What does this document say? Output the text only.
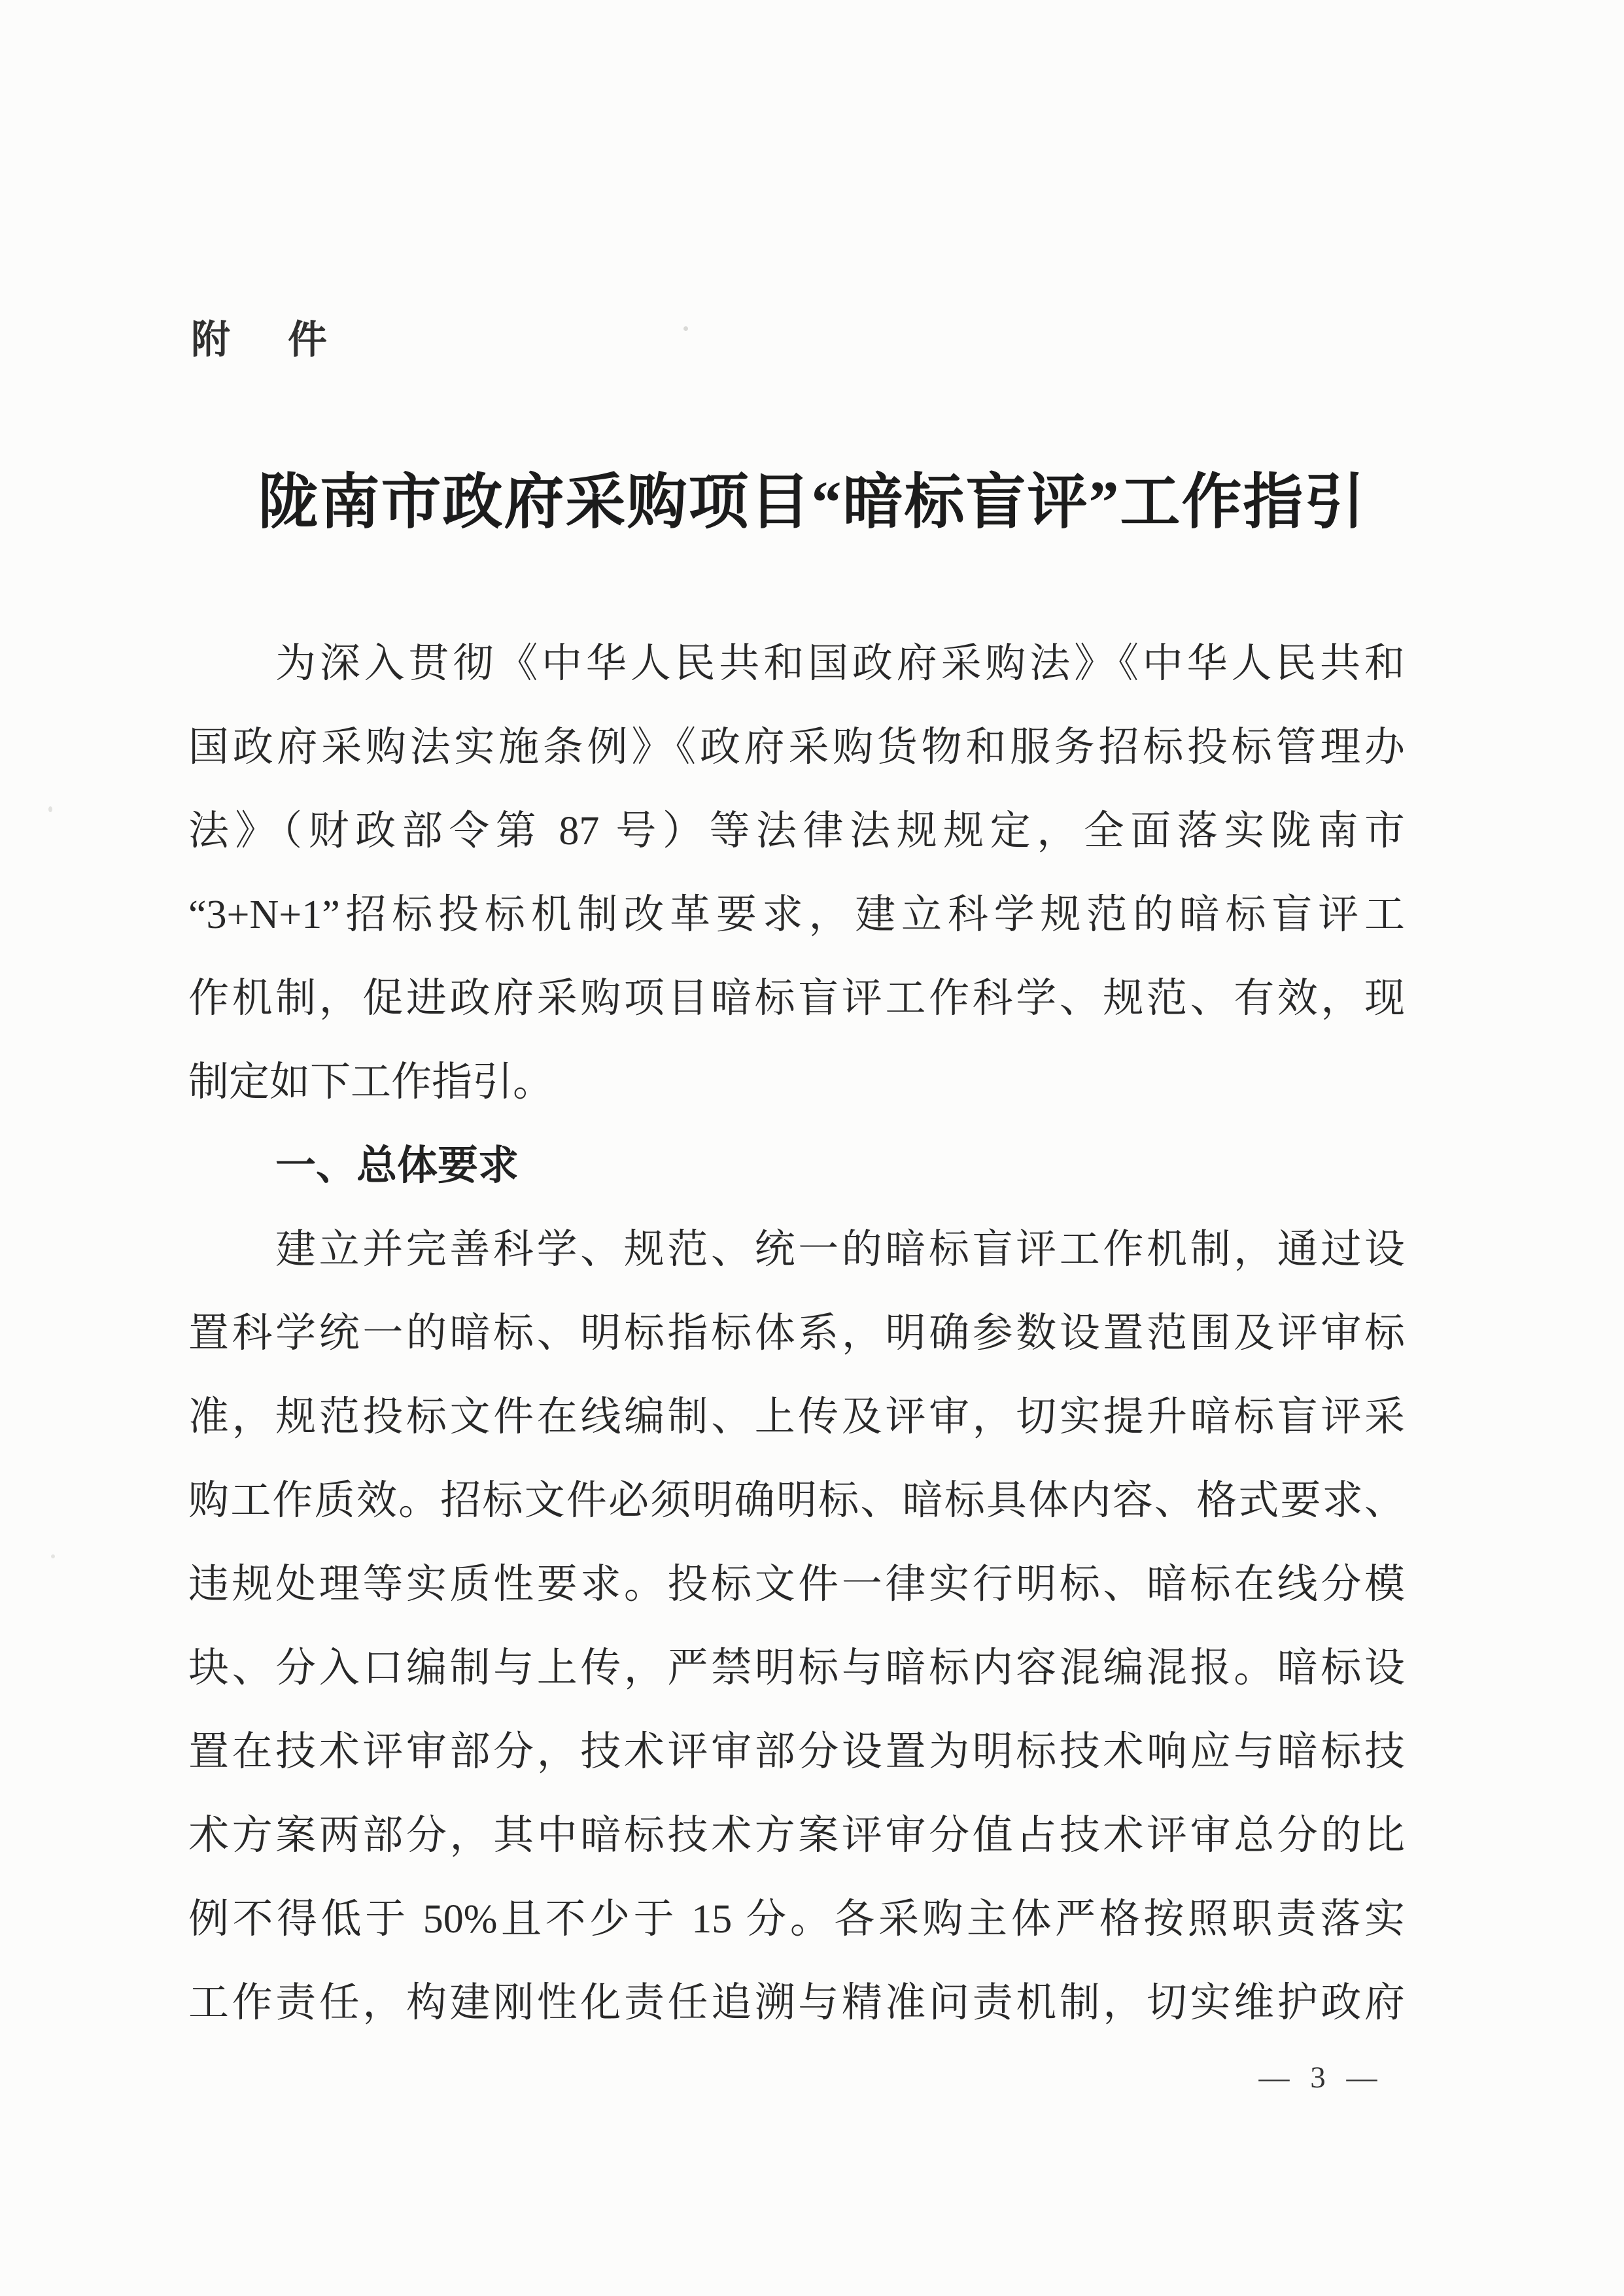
附　件
陇南市政府采购项目“暗标盲评”工作指引
为深入贯彻《中华人民共和国政府采购法》《中华人民共和
国政府采购法实施条例》《政府采购货物和服务招标投标管理办
法》（财政部令第 87 号）等法律法规规定，全面落实陇南市
“3+N+1”招标投标机制改革要求，建立科学规范的暗标盲评工
作机制，促进政府采购项目暗标盲评工作科学、规范、有效，现
制定如下工作指引。
一、总体要求
建立并完善科学、规范、统一的暗标盲评工作机制，通过设
置科学统一的暗标、明标指标体系，明确参数设置范围及评审标
准，规范投标文件在线编制、上传及评审，切实提升暗标盲评采
购工作质效。招标文件必须明确明标、暗标具体内容、格式要求、
违规处理等实质性要求。投标文件一律实行明标、暗标在线分模
块、分入口编制与上传，严禁明标与暗标内容混编混报。暗标设
置在技术评审部分，技术评审部分设置为明标技术响应与暗标技
术方案两部分，其中暗标技术方案评审分值占技术评审总分的比
例不得低于 50%且不少于 15 分。各采购主体严格按照职责落实
工作责任，构建刚性化责任追溯与精准问责机制，切实维护政府
— 3 —
